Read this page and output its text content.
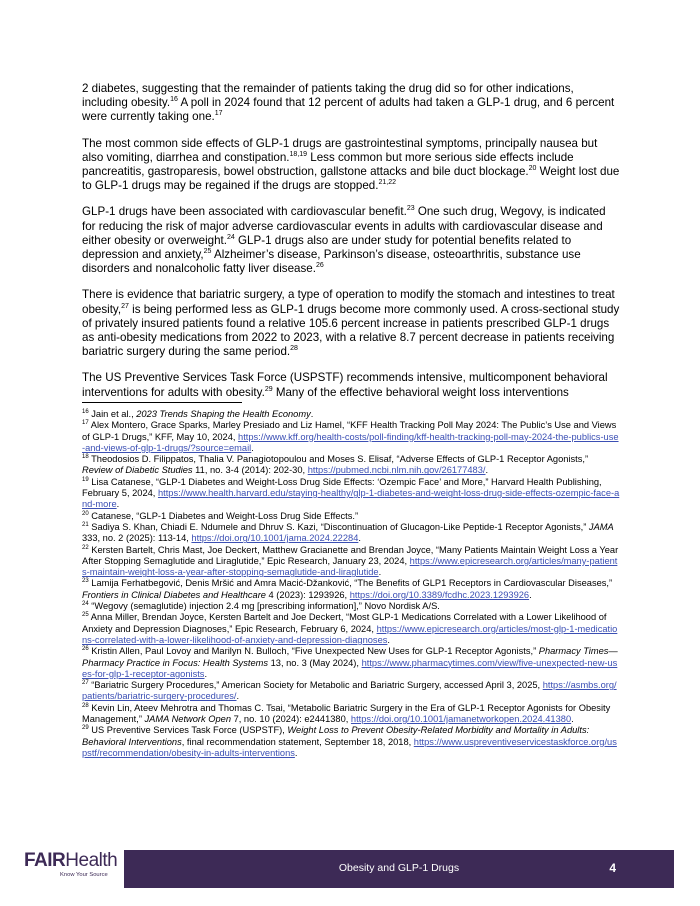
2 diabetes, suggesting that the remainder of patients taking the drug did so for other indications, including obesity.$^{16}$ A poll in 2024 found that 12 percent of adults had taken a GLP-1 drug, and 6 percent were currently taking one.$^{17}$

The most common side effects of GLP-1 drugs are gastrointestinal symptoms, principally nausea but also vomiting, diarrhea and constipation.$^{18,19}$ Less common but more serious side effects include pancreatitis, gastroparesis, bowel obstruction, gallstone attacks and bile duct blockage.$^{20}$ Weight lost due to GLP-1 drugs may be regained if the drugs are stopped.$^{21,22}$

GLP-1 drugs have been associated with cardiovascular benefit.$^{23}$ One such drug, Wegovy, is indicated for reducing the risk of major adverse cardiovascular events in adults with cardiovascular disease and either obesity or overweight.$^{24}$ GLP-1 drugs also are under study for potential benefits related to depression and anxiety,$^{25}$ Alzheimer’s disease, Parkinson’s disease, osteoarthritis, substance use disorders and nonalcoholic fatty liver disease.$^{26}$

There is evidence that bariatric surgery, a type of operation to modify the stomach and intestines to treat obesity,$^{27}$ is being performed less as GLP-1 drugs become more commonly used. A cross-sectional study of privately insured patients found a relative 105.6 percent increase in patients prescribed GLP-1 drugs as anti-obesity medications from 2022 to 2023, with a relative 8.7 percent decrease in patients receiving bariatric surgery during the same period.$^{28}$

The US Preventive Services Task Force (USPSTF) recommends intensive, multicomponent behavioral interventions for adults with obesity.$^{29}$ Many of the effective behavioral weight loss interventions

$^{16}$ Jain et al., 2023 Trends Shaping the Health Economy.

$^{17}$ Alex Montero, Grace Sparks, Marley Presiado and Liz Hamel, “KFF Health Tracking Poll May 2024: The Public’s Use and Views of GLP-1 Drugs,” KFF, May 10, 2024, https://www.kff.org/health-costs/poll-finding/kff-health-tracking-poll-may-2024-the-publics-use-and-views-of-glp-1-drugs/?source=email.

$^{18}$ Theodosios D. Filippatos, Thalia V. Panagiotopoulou and Moses S. Elisaf, “Adverse Effects of GLP-1 Receptor Agonists,” Review of Diabetic Studies 11, no. 3-4 (2014): 202-30, https://pubmed.ncbi.nlm.nih.gov/26177483/.

$^{19}$ Lisa Catanese, “GLP-1 Diabetes and Weight-Loss Drug Side Effects: ‘Ozempic Face’ and More,” Harvard Health Publishing, February 5, 2024, https://www.health.harvard.edu/staying-healthy/glp-1-diabetes-and-weight-loss-drug-side-effects-ozempic-face-and-more.

$^{20}$ Catanese, “GLP-1 Diabetes and Weight-Loss Drug Side Effects.”

$^{21}$ Sadiya S. Khan, Chiadi E. Ndumele and Dhruv S. Kazi, “Discontinuation of Glucagon-Like Peptide-1 Receptor Agonists,” JAMA 333, no. 2 (2025): 113-14, https://doi.org/10.1001/jama.2024.22284.

$^{22}$ Kersten Bartelt, Chris Mast, Joe Deckert, Matthew Gracianette and Brendan Joyce, “Many Patients Maintain Weight Loss a Year After Stopping Semaglutide and Liraglutide,” Epic Research, January 23, 2024, https://www.epicresearch.org/articles/many-patients-maintain-weight-loss-a-year-after-stopping-semaglutide-and-liraglutide.

$^{23}$ Lamija Ferhatbegović, Denis Mršić and Amra Macić-Džanković, “The Benefits of GLP1 Receptors in Cardiovascular Diseases,” Frontiers in Clinical Diabetes and Healthcare 4 (2023): 1293926, https://doi.org/10.3389/fcdhc.2023.1293926.

$^{24}$ “Wegovy (semaglutide) injection 2.4 mg [prescribing information],” Novo Nordisk A/S.

$^{25}$ Anna Miller, Brendan Joyce, Kersten Bartelt and Joe Deckert, “Most GLP-1 Medications Correlated with a Lower Likelihood of Anxiety and Depression Diagnoses,” Epic Research, February 6, 2024, https://www.epicresearch.org/articles/most-glp-1-medications-correlated-with-a-lower-likelihood-of-anxiety-and-depression-diagnoses.

$^{26}$ Kristin Allen, Paul Lovoy and Marilyn N. Bulloch, “Five Unexpected New Uses for GLP-1 Receptor Agonists,” Pharmacy Times—Pharmacy Practice in Focus: Health Systems 13, no. 3 (May 2024), https://www.pharmacytimes.com/view/five-unexpected-new-uses-for-glp-1-receptor-agonists.

$^{27}$ “Bariatric Surgery Procedures,” American Society for Metabolic and Bariatric Surgery, accessed April 3, 2025, https://asmbs.org/patients/bariatric-surgery-procedures/.

$^{28}$ Kevin Lin, Ateev Mehrotra and Thomas C. Tsai, “Metabolic Bariatric Surgery in the Era of GLP-1 Receptor Agonists for Obesity Management,” JAMA Network Open 7, no. 10 (2024): e2441380, https://doi.org/10.1001/jamanetworkopen.2024.41380.

$^{29}$ US Preventive Services Task Force (USPSTF), Weight Loss to Prevent Obesity-Related Morbidity and Mortality in Adults: Behavioral Interventions, final recommendation statement, September 18, 2018, https://www.uspreventiveservicestaskforce.org/uspstf/recommendation/obesity-in-adults-interventions.

FAIRHealth
Know Your Source
Obesity and GLP-1 Drugs	4
